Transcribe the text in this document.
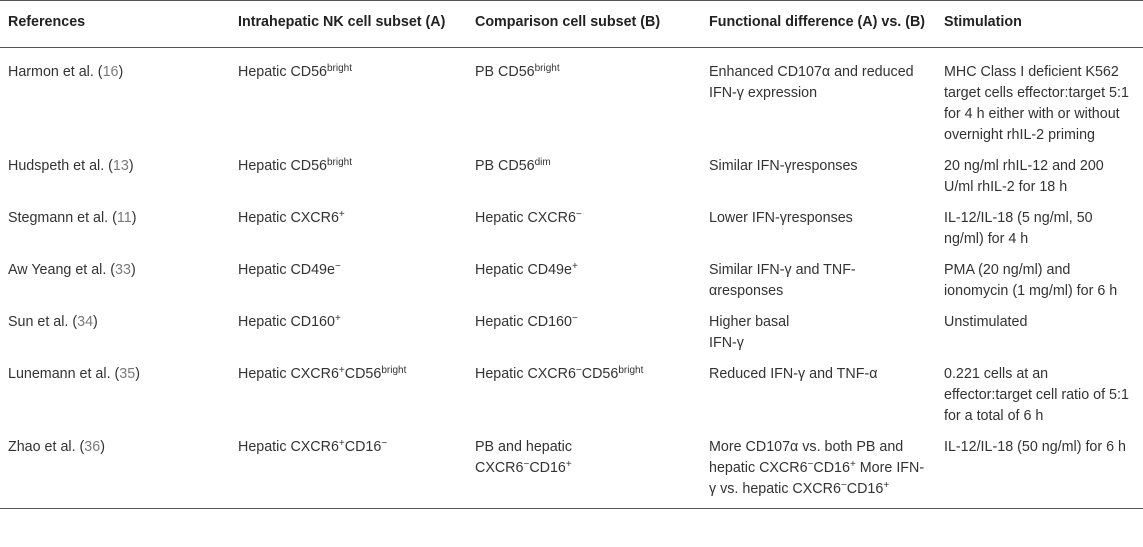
References	Intrahepatic NK cell subset (A)	Comparison cell subset (B)	Functional difference (A) vs. (B)	Stimulation
Harmon et al. (16)	Hepatic $CD56^{bright}$	PB $CD56^{bright}$	Enhanced CD107α and reduced IFN-γ expression	MHC Class I deficient K562 target cells effector:target 5:1 for 4 h either with or without overnight rhIL-2 priming
Hudspeth et al. (13)	Hepatic $CD56^{bright}$	PB $CD56^{dim}$	Similar IFN-γresponses	20 ng/ml rhIL-12 and 200 U/ml rhIL-2 for 18 h
Stegmann et al. (11)	Hepatic CXCR6+	Hepatic CXCR6−	Lower IFN-γresponses	IL-12/IL-18 (5 ng/ml, 50 ng/ml) for 4 h
Aw Yeang et al. (33)	Hepatic CD49e−	Hepatic CD49e+	Similar IFN-γ and TNF-αresponses	PMA (20 ng/ml) and ionomycin (1 mg/ml) for 6 h
Sun et al. (34)	Hepatic CD160+	Hepatic CD160−	Higher basal IFN-γ	Unstimulated
Lunemann et al. (35)	Hepatic $CXCR6^+CD56^{bright}$	Hepatic $CXCR6^-CD56^{bright}$	Reduced IFN-γ and TNF-α	0.221 cells at an effector:target cell ratio of 5:1 for a total of 6 h
Zhao et al. (36)	Hepatic CXCR6+CD16−	PB and hepatic CXCR6−CD16+	More CD107α vs. both PB and hepatic CXCR6−CD16+ More IFN-γ vs. hepatic CXCR6−CD16+	IL-12/IL-18 (50 ng/ml) for 6 h
